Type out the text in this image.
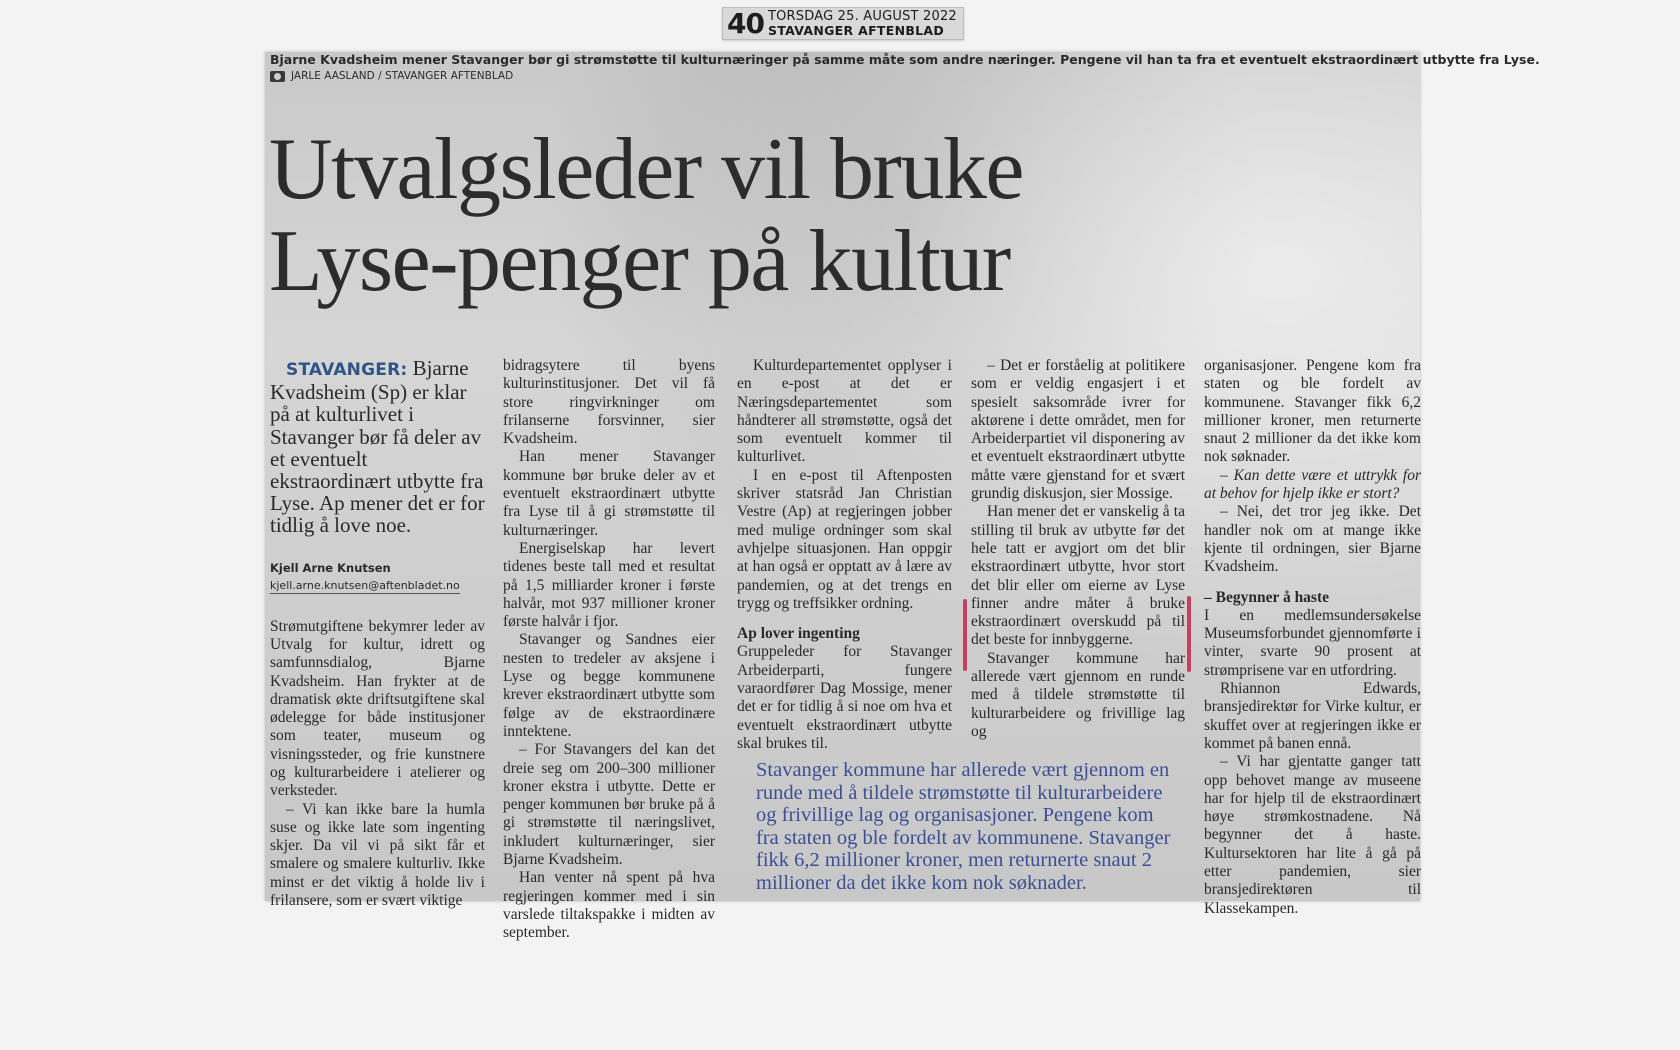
40 TORSDAG 25. AUGUST 2022
STAVANGER AFTENBLAD
Bjarne Kvadsheim mener Stavanger bør gi strømstøtte til kulturnæringer på samme måte som andre næringer. Pengene vil han ta fra et eventuelt ekstraordinært utbytte fra Lyse.
JARLE AASLAND / STAVANGER AFTENBLAD
Utvalgsleder vil bruke
Lyse-penger på kultur

STAVANGER: Bjarne Kvadsheim (Sp) er klar på at kulturlivet i Stavanger bør få deler av et eventuelt ekstraordinært utbytte fra Lyse. Ap mener det er for tidlig å love noe.

Kjell Arne Knutsen
kjell.arne.knutsen@aftenbladet.no

Strømutgiftene bekymrer leder av Utvalg for kultur, idrett og samfunnsdialog, Bjarne Kvadsheim. Han frykter at de dramatisk økte driftsutgiftene skal ødelegge for både institusjoner som teater, museum og visningssteder, og frie kunstnere og kulturarbeidere i atelierer og verksteder.

– Vi kan ikke bare la humla suse og ikke late som ingenting skjer. Da vil vi på sikt får et smalere og smalere kulturliv. Ikke minst er det viktig å holde liv i frilansere, som er svært viktige

bidragsytere til byens kulturinstitusjoner. Det vil få store ringvirkninger om frilanserne forsvinner, sier Kvadsheim.

Han mener Stavanger kommune bør bruke deler av et eventuelt ekstraordinært utbytte fra Lyse til å gi strømstøtte til kulturnæringer.

Energiselskap har levert tidenes beste tall med et resultat på 1,5 milliarder kroner i første halvår, mot 937 millioner kroner første halvår i fjor.

Stavanger og Sandnes eier nesten to tredeler av aksjene i Lyse og begge kommunene krever ekstraordinært utbytte som følge av de ekstraordinære inntektene.

– For Stavangers del kan det dreie seg om 200–300 millioner kroner ekstra i utbytte. Dette er penger kommunen bør bruke på å gi strømstøtte til næringslivet, inkludert kulturnæringer, sier Bjarne Kvadsheim.

Han venter nå spent på hva regjeringen kommer med i sin varslede tiltakspakke i midten av september.

Kulturdepartementet opplyser i en e-post at det er Næringsdepartementet som håndterer all strømstøtte, også det som eventuelt kommer til kulturlivet.

I en e-post til Aftenposten skriver statsråd Jan Christian Vestre (Ap) at regjeringen jobber med mulige ordninger som skal avhjelpe situasjonen. Han oppgir at han også er opptatt av å lære av pandemien, og at det trengs en trygg og treffsikker ordning.

Ap lover ingenting

Gruppeleder for Stavanger Arbeiderparti, fungere varaordfører Dag Mossige, mener det er for tidlig å si noe om hva et eventuelt ekstraordinært utbytte skal brukes til.

– Det er forståelig at politikere som er veldig engasjert i et spesielt saksområde ivrer for aktørene i dette området, men for Arbeiderpartiet vil disponering av et eventuelt ekstraordinært utbytte måtte være gjenstand for et svært grundig diskusjon, sier Mossige.

Han mener det er vanskelig å ta stilling til bruk av utbytte før det hele tatt er avgjort om det blir ekstraordinært utbytte, hvor stort det blir eller om eierne av Lyse finner andre måter å bruke ekstraordinært overskudd på til det beste for innbyggerne.

Stavanger kommune har allerede vært gjennom en runde med å tildele strømstøtte til kulturarbeidere og frivillige lag og

organisasjoner. Pengene kom fra staten og ble fordelt av kommunene. Stavanger fikk 6,2 millioner kroner, men returnerte snaut 2 millioner da det ikke kom nok søknader.

– Kan dette være et uttrykk for at behov for hjelp ikke er stort?

– Nei, det tror jeg ikke. Det handler nok om at mange ikke kjente til ordningen, sier Bjarne Kvadsheim.

– Begynner å haste

I en medlemsundersøkelse Museumsforbundet gjennomførte i vinter, svarte 90 prosent at strømprisene var en utfordring.

Rhiannon Edwards, bransjedirektør for Virke kultur, er skuffet over at regjeringen ikke er kommet på banen ennå.

– Vi har gjentatte ganger tatt opp behovet mange av museene har for hjelp til de ekstraordinært høye strømkostnadene. Nå begynner det å haste. Kultursektoren har lite å gå på etter pandemien, sier bransjedirektøren til Klassekampen.

Stavanger kommune har allerede vært gjennom en runde med å tildele strømstøtte til kulturarbeidere og frivillige lag og organisasjoner. Pengene kom fra staten og ble fordelt av kommunene. Stavanger fikk 6,2 millioner kroner, men returnerte snaut 2 millioner da det ikke kom nok søknader.
